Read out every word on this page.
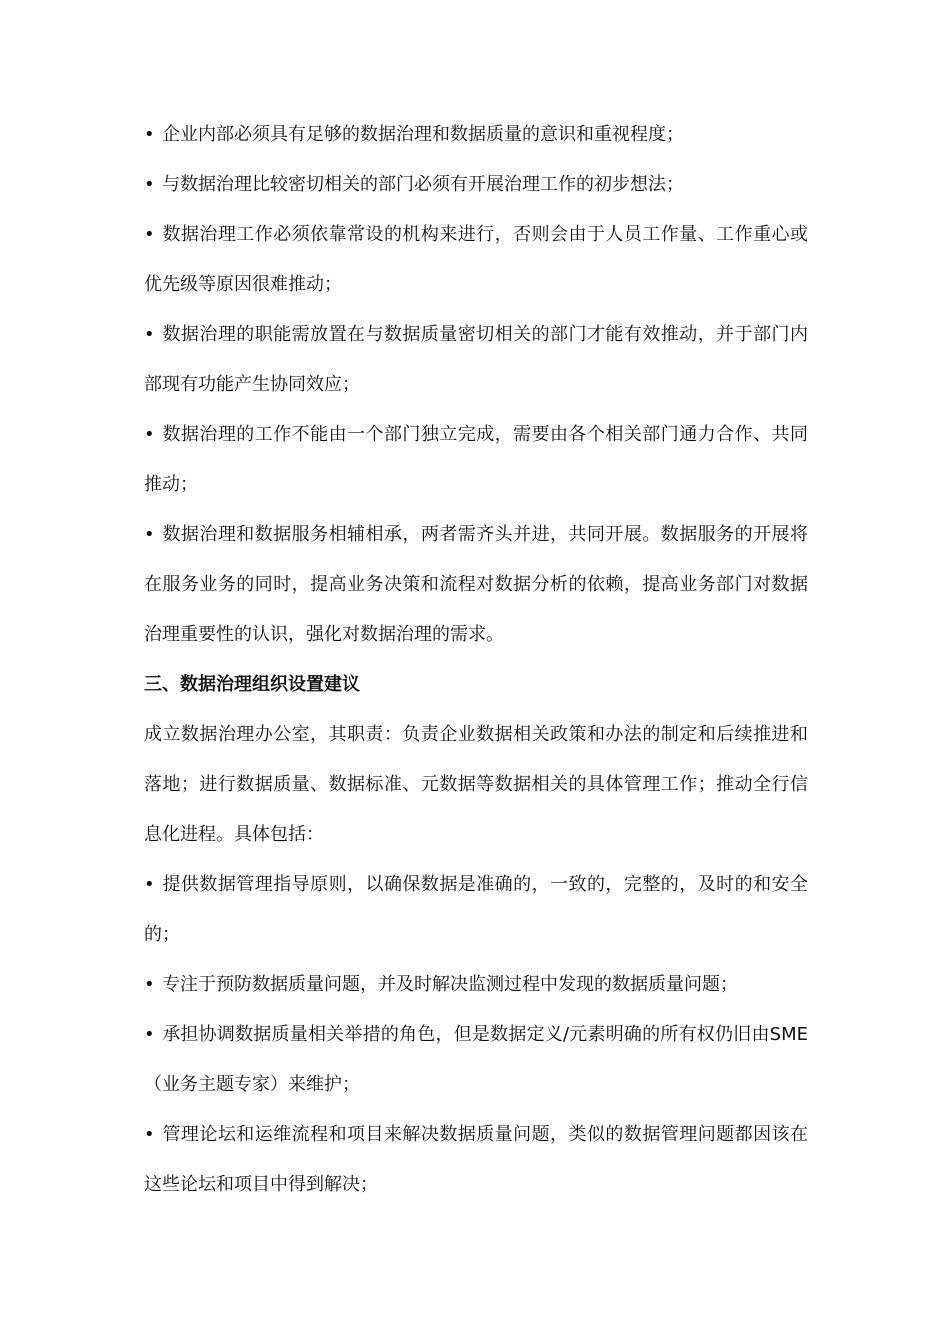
• 企业内部必须具有足够的数据治理和数据质量的意识和重视程度；

• 与数据治理比较密切相关的部门必须有开展治理工作的初步想法；

• 数据治理工作必须依靠常设的机构来进行，否则会由于人员工作量、工作重心或优先级等原因很难推动；

• 数据治理的职能需放置在与数据质量密切相关的部门才能有效推动，并于部门内部现有功能产生协同效应；

• 数据治理的工作不能由一个部门独立完成，需要由各个相关部门通力合作、共同推动；

• 数据治理和数据服务相辅相承，两者需齐头并进，共同开展。数据服务的开展将在服务业务的同时，提高业务决策和流程对数据分析的依赖，提高业务部门对数据治理重要性的认识，强化对数据治理的需求。

三、数据治理组织设置建议

成立数据治理办公室，其职责：负责企业数据相关政策和办法的制定和后续推进和落地；进行数据质量、数据标准、元数据等数据相关的具体管理工作；推动全行信息化进程。具体包括：

• 提供数据管理指导原则，以确保数据是准确的，一致的，完整的，及时的和安全的；

• 专注于预防数据质量问题，并及时解决监测过程中发现的数据质量问题；

• 承担协调数据质量相关举措的角色，但是数据定义/元素明确的所有权仍旧由SME（业务主题专家）来维护；

• 管理论坛和运维流程和项目来解决数据质量问题，类似的数据管理问题都因该在这些论坛和项目中得到解决；
